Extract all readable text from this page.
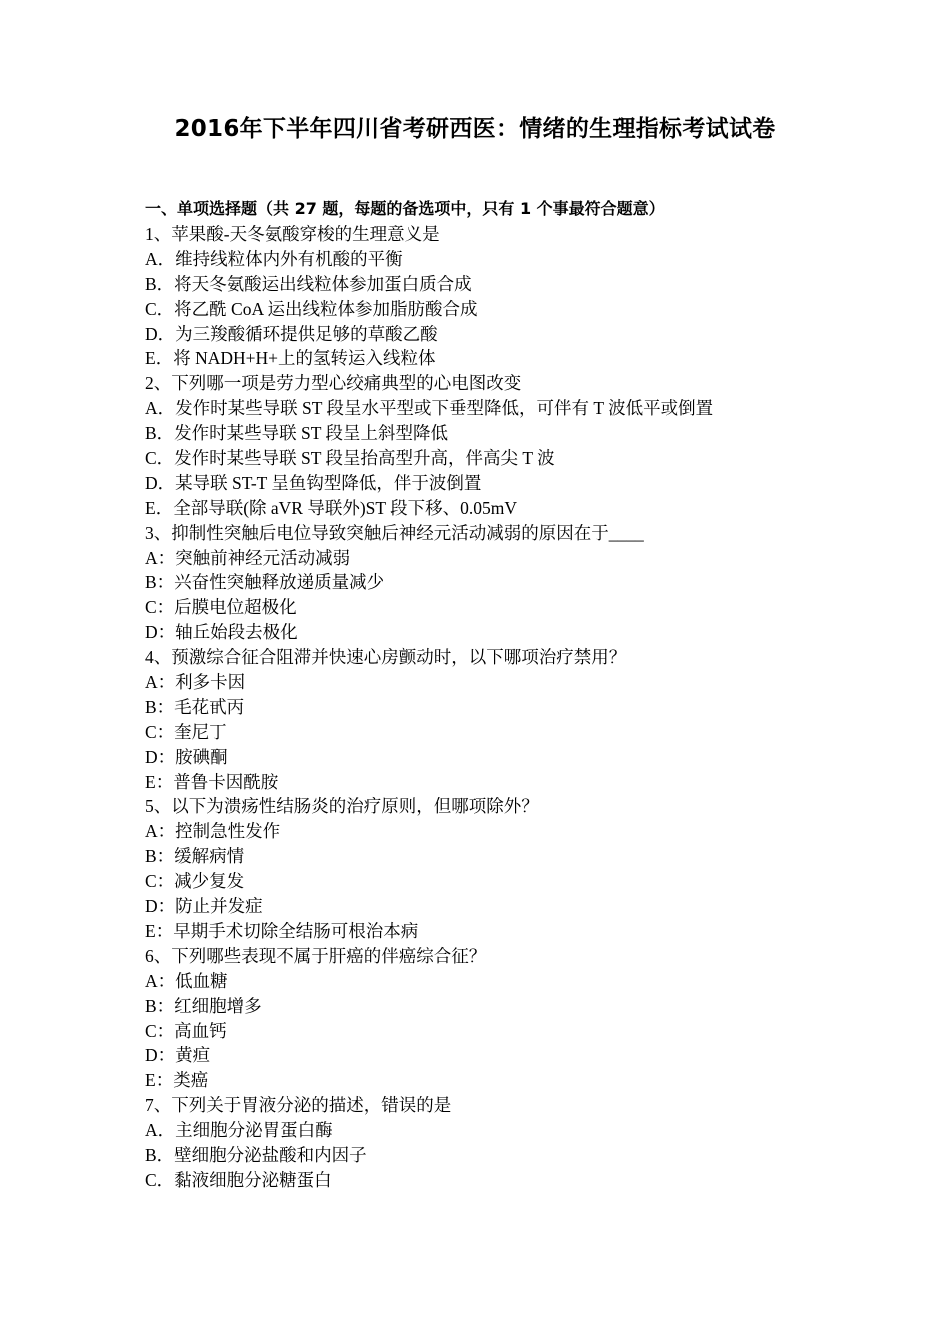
2016年下半年四川省考研西医：情绪的生理指标考试试卷
一、单项选择题（共 27 题，每题的备选项中，只有 1 个事最符合题意）
1、苹果酸-天冬氨酸穿梭的生理意义是
A．维持线粒体内外有机酸的平衡
B．将天冬氨酸运出线粒体参加蛋白质合成
C．将乙酰 CoA 运出线粒体参加脂肪酸合成
D．为三羧酸循环提供足够的草酸乙酸
E．将 NADH+H+上的氢转运入线粒体
2、下列哪一项是劳力型心绞痛典型的心电图改变
A．发作时某些导联 ST 段呈水平型或下垂型降低，可伴有 T 波低平或倒置
B．发作时某些导联 ST 段呈上斜型降低
C．发作时某些导联 ST 段呈抬高型升高，伴高尖 T 波
D．某导联 ST-T 呈鱼钩型降低，伴于波倒置
E．全部导联(除 aVR 导联外)ST 段下移、0.05mV
3、抑制性突触后电位导致突触后神经元活动减弱的原因在于____
A：突触前神经元活动减弱
B：兴奋性突触释放递质量减少
C：后膜电位超极化
D：轴丘始段去极化
4、预激综合征合阻滞并快速心房颤动时，以下哪项治疗禁用？
A：利多卡因
B：毛花甙丙
C：奎尼丁
D：胺碘酮
E：普鲁卡因酰胺
5、以下为溃疡性结肠炎的治疗原则，但哪项除外？
A：控制急性发作
B：缓解病情
C：减少复发
D：防止并发症
E：早期手术切除全结肠可根治本病
6、下列哪些表现不属于肝癌的伴癌综合征？
A：低血糖
B：红细胞增多
C：高血钙
D：黄疸
E：类癌
7、下列关于胃液分泌的描述，错误的是
A．主细胞分泌胃蛋白酶
B．壁细胞分泌盐酸和内因子
C．黏液细胞分泌糖蛋白
